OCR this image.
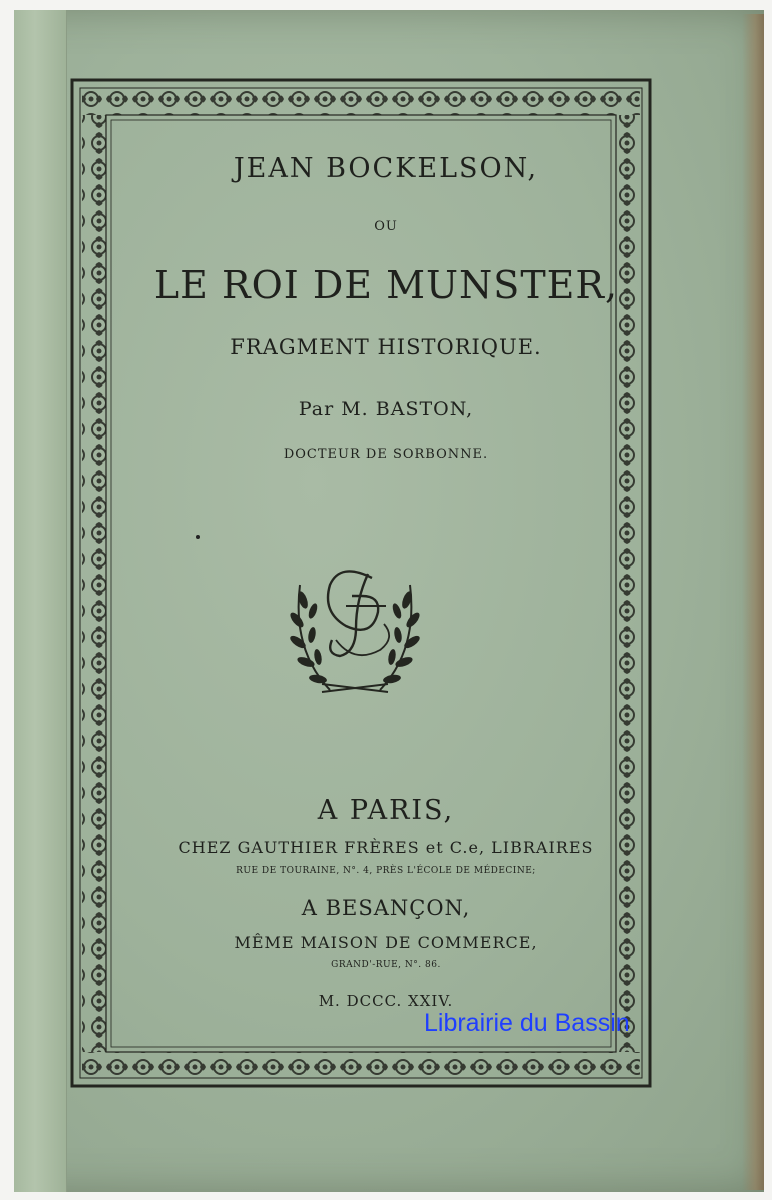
JEAN BOCKELSON,
OU
LE ROI DE MUNSTER,
FRAGMENT HISTORIQUE.
Par M. BASTON,
DOCTEUR DE SORBONNE.
A PARIS,
CHEZ GAUTHIER FRÈRES et C.e, LIBRAIRES
RUE DE TOURAINE, N°. 4, PRÈS L'ÉCOLE DE MÉDECINE;
A BESANÇON,
MÊME MAISON DE COMMERCE,
GRAND'-RUE, N°. 86.
M. DCCC. XXIV.
Librairie du Bassin
